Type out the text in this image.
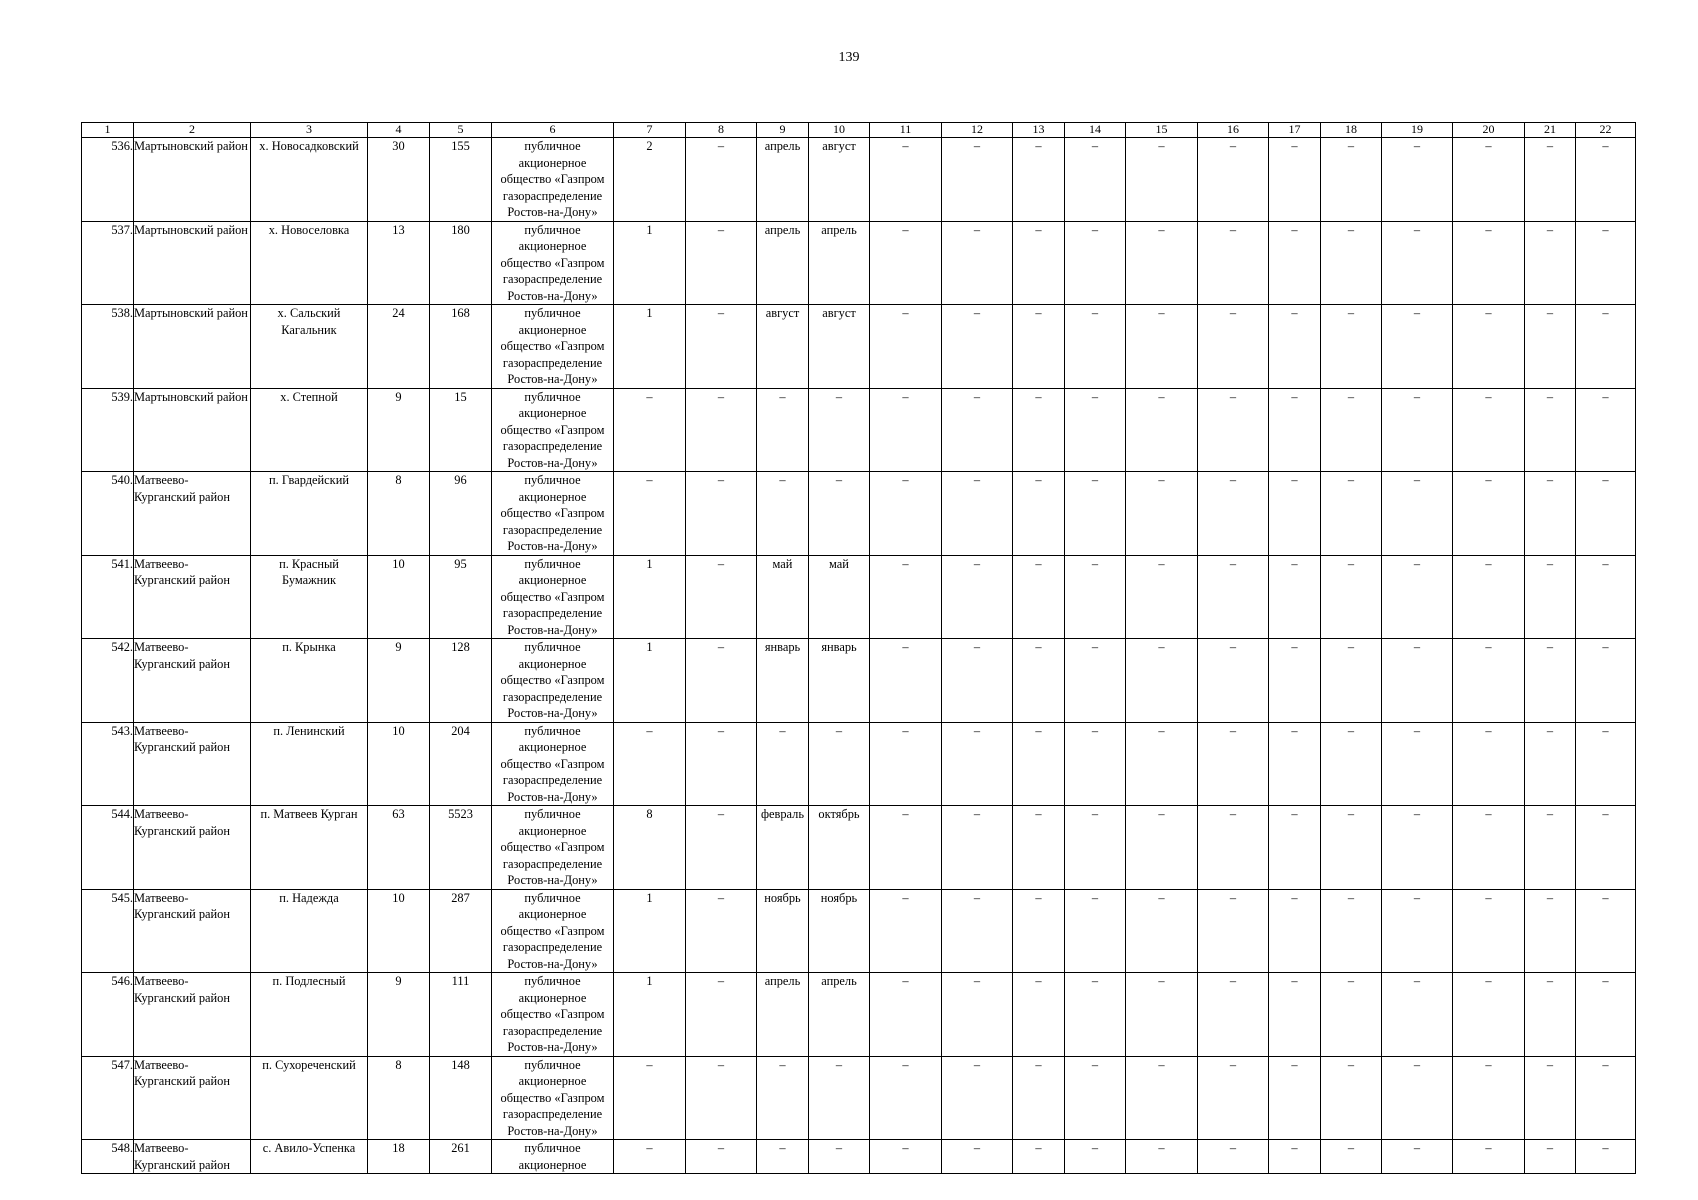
139
1	2	3	4	5	6	7	8	9	10	11	12	13	14	15	16	17	18	19	20	21	22
536.	Мартыновский район	х. Новосадковский	30	155	публичное акционерное общество «Газпром газораспределение Ростов-на-Дону»	2	–	апрель	август	–	–	–	–	–	–	–	–	–	–	–	–
537.	Мартыновский район	х. Новоселовка	13	180	публичное акционерное общество «Газпром газораспределение Ростов-на-Дону»	1	–	апрель	апрель	–	–	–	–	–	–	–	–	–	–	–	–
538.	Мартыновский район	х. Сальский Кагальник	24	168	публичное акционерное общество «Газпром газораспределение Ростов-на-Дону»	1	–	август	август	–	–	–	–	–	–	–	–	–	–	–	–
539.	Мартыновский район	х. Степной	9	15	публичное акционерное общество «Газпром газораспределение Ростов-на-Дону»	–	–	–	–	–	–	–	–	–	–	–	–	–	–	–	–
540.	Матвеево-Курганский район	п. Гвардейский	8	96	публичное акционерное общество «Газпром газораспределение Ростов-на-Дону»	–	–	–	–	–	–	–	–	–	–	–	–	–	–	–	–
541.	Матвеево-Курганский район	п. Красный Бумажник	10	95	публичное акционерное общество «Газпром газораспределение Ростов-на-Дону»	1	–	май	май	–	–	–	–	–	–	–	–	–	–	–	–
542.	Матвеево-Курганский район	п. Крынка	9	128	публичное акционерное общество «Газпром газораспределение Ростов-на-Дону»	1	–	январь	январь	–	–	–	–	–	–	–	–	–	–	–	–
543.	Матвеево-Курганский район	п. Ленинский	10	204	публичное акционерное общество «Газпром газораспределение Ростов-на-Дону»	–	–	–	–	–	–	–	–	–	–	–	–	–	–	–	–
544.	Матвеево-Курганский район	п. Матвеев Курган	63	5523	публичное акционерное общество «Газпром газораспределение Ростов-на-Дону»	8	–	февраль	октябрь	–	–	–	–	–	–	–	–	–	–	–	–
545.	Матвеево-Курганский район	п. Надежда	10	287	публичное акционерное общество «Газпром газораспределение Ростов-на-Дону»	1	–	ноябрь	ноябрь	–	–	–	–	–	–	–	–	–	–	–	–
546.	Матвеево-Курганский район	п. Подлесный	9	111	публичное акционерное общество «Газпром газораспределение Ростов-на-Дону»	1	–	апрель	апрель	–	–	–	–	–	–	–	–	–	–	–	–
547.	Матвеево-Курганский район	п. Сухореченский	8	148	публичное акционерное общество «Газпром газораспределение Ростов-на-Дону»	–	–	–	–	–	–	–	–	–	–	–	–	–	–	–	–
548.	Матвеево-Курганский район	с. Авило-Успенка	18	261	публичное акционерное	–	–	–	–	–	–	–	–	–	–	–	–	–	–	–	–
